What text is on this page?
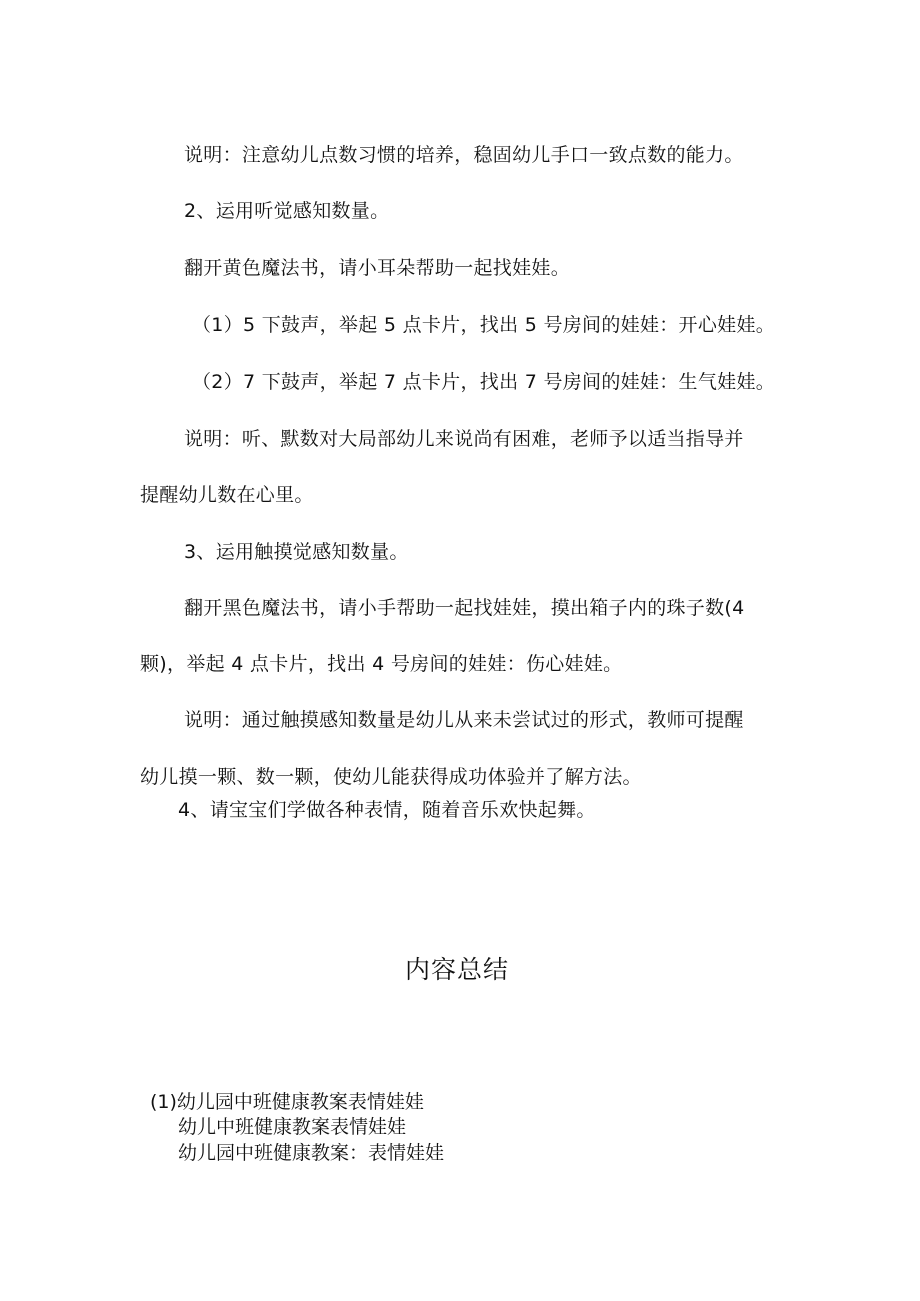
说明：注意幼儿点数习惯的培养，稳固幼儿手口一致点数的能力。
2、运用听觉感知数量。
翻开黄色魔法书，请小耳朵帮助一起找娃娃。
（1）5 下鼓声，举起 5 点卡片，找出 5 号房间的娃娃：开心娃娃。
（2）7 下鼓声，举起 7 点卡片，找出 7 号房间的娃娃：生气娃娃。
说明：听、默数对大局部幼儿来说尚有困难，老师予以适当指导并
提醒幼儿数在心里。
3、运用触摸觉感知数量。
翻开黑色魔法书，请小手帮助一起找娃娃，摸出箱子内的珠子数(4
颗)，举起 4 点卡片，找出 4 号房间的娃娃：伤心娃娃。
说明：通过触摸感知数量是幼儿从来未尝试过的形式，教师可提醒
幼儿摸一颗、数一颗，使幼儿能获得成功体验并了解方法。
4、请宝宝们学做各种表情，随着音乐欢快起舞。
内容总结
(1)幼儿园中班健康教案表情娃娃
幼儿中班健康教案表情娃娃
幼儿园中班健康教案：表情娃娃
